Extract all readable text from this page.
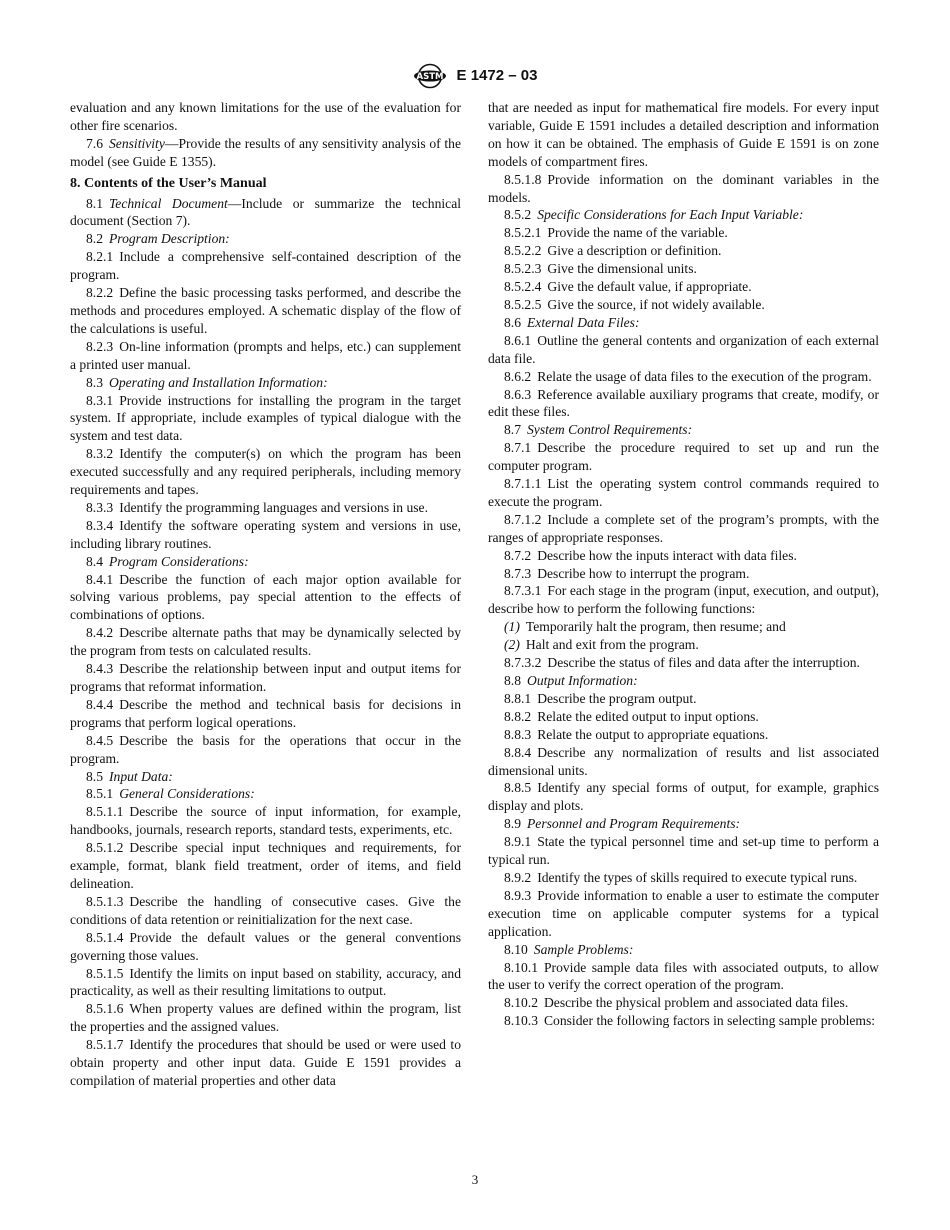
ASTM E 1472 – 03

evaluation and any known limitations for the use of the evaluation for other fire scenarios.

7.6 Sensitivity—Provide the results of any sensitivity analysis of the model (see Guide E 1355).

8. Contents of the User’s Manual

8.1 Technical Document—Include or summarize the technical document (Section 7).

8.2 Program Description:

8.2.1 Include a comprehensive self-contained description of the program.

8.2.2 Define the basic processing tasks performed, and describe the methods and procedures employed. A schematic display of the flow of the calculations is useful.

8.2.3 On-line information (prompts and helps, etc.) can supplement a printed user manual.

8.3 Operating and Installation Information:

8.3.1 Provide instructions for installing the program in the target system. If appropriate, include examples of typical dialogue with the system and test data.

8.3.2 Identify the computer(s) on which the program has been executed successfully and any required peripherals, including memory requirements and tapes.

8.3.3 Identify the programming languages and versions in use.

8.3.4 Identify the software operating system and versions in use, including library routines.

8.4 Program Considerations:

8.4.1 Describe the function of each major option available for solving various problems, pay special attention to the effects of combinations of options.

8.4.2 Describe alternate paths that may be dynamically selected by the program from tests on calculated results.

8.4.3 Describe the relationship between input and output items for programs that reformat information.

8.4.4 Describe the method and technical basis for decisions in programs that perform logical operations.

8.4.5 Describe the basis for the operations that occur in the program.

8.5 Input Data:

8.5.1 General Considerations:

8.5.1.1 Describe the source of input information, for example, handbooks, journals, research reports, standard tests, experiments, etc.

8.5.1.2 Describe special input techniques and requirements, for example, format, blank field treatment, order of items, and field delineation.

8.5.1.3 Describe the handling of consecutive cases. Give the conditions of data retention or reinitialization for the next case.

8.5.1.4 Provide the default values or the general conventions governing those values.

8.5.1.5 Identify the limits on input based on stability, accuracy, and practicality, as well as their resulting limitations to output.

8.5.1.6 When property values are defined within the program, list the properties and the assigned values.

8.5.1.7 Identify the procedures that should be used or were used to obtain property and other input data. Guide E 1591 provides a compilation of material properties and other data

that are needed as input for mathematical fire models. For every input variable, Guide E 1591 includes a detailed description and information on how it can be obtained. The emphasis of Guide E 1591 is on zone models of compartment fires.

8.5.1.8 Provide information on the dominant variables in the models.

8.5.2 Specific Considerations for Each Input Variable:

8.5.2.1 Provide the name of the variable.

8.5.2.2 Give a description or definition.

8.5.2.3 Give the dimensional units.

8.5.2.4 Give the default value, if appropriate.

8.5.2.5 Give the source, if not widely available.

8.6 External Data Files:

8.6.1 Outline the general contents and organization of each external data file.

8.6.2 Relate the usage of data files to the execution of the program.

8.6.3 Reference available auxiliary programs that create, modify, or edit these files.

8.7 System Control Requirements:

8.7.1 Describe the procedure required to set up and run the computer program.

8.7.1.1 List the operating system control commands required to execute the program.

8.7.1.2 Include a complete set of the program’s prompts, with the ranges of appropriate responses.

8.7.2 Describe how the inputs interact with data files.

8.7.3 Describe how to interrupt the program.

8.7.3.1 For each stage in the program (input, execution, and output), describe how to perform the following functions:

(1) Temporarily halt the program, then resume; and

(2) Halt and exit from the program.

8.7.3.2 Describe the status of files and data after the interruption.

8.8 Output Information:

8.8.1 Describe the program output.

8.8.2 Relate the edited output to input options.

8.8.3 Relate the output to appropriate equations.

8.8.4 Describe any normalization of results and list associated dimensional units.

8.8.5 Identify any special forms of output, for example, graphics display and plots.

8.9 Personnel and Program Requirements:

8.9.1 State the typical personnel time and set-up time to perform a typical run.

8.9.2 Identify the types of skills required to execute typical runs.

8.9.3 Provide information to enable a user to estimate the computer execution time on applicable computer systems for a typical application.

8.10 Sample Problems:

8.10.1 Provide sample data files with associated outputs, to allow the user to verify the correct operation of the program.

8.10.2 Describe the physical problem and associated data files.

8.10.3 Consider the following factors in selecting sample problems:

3
